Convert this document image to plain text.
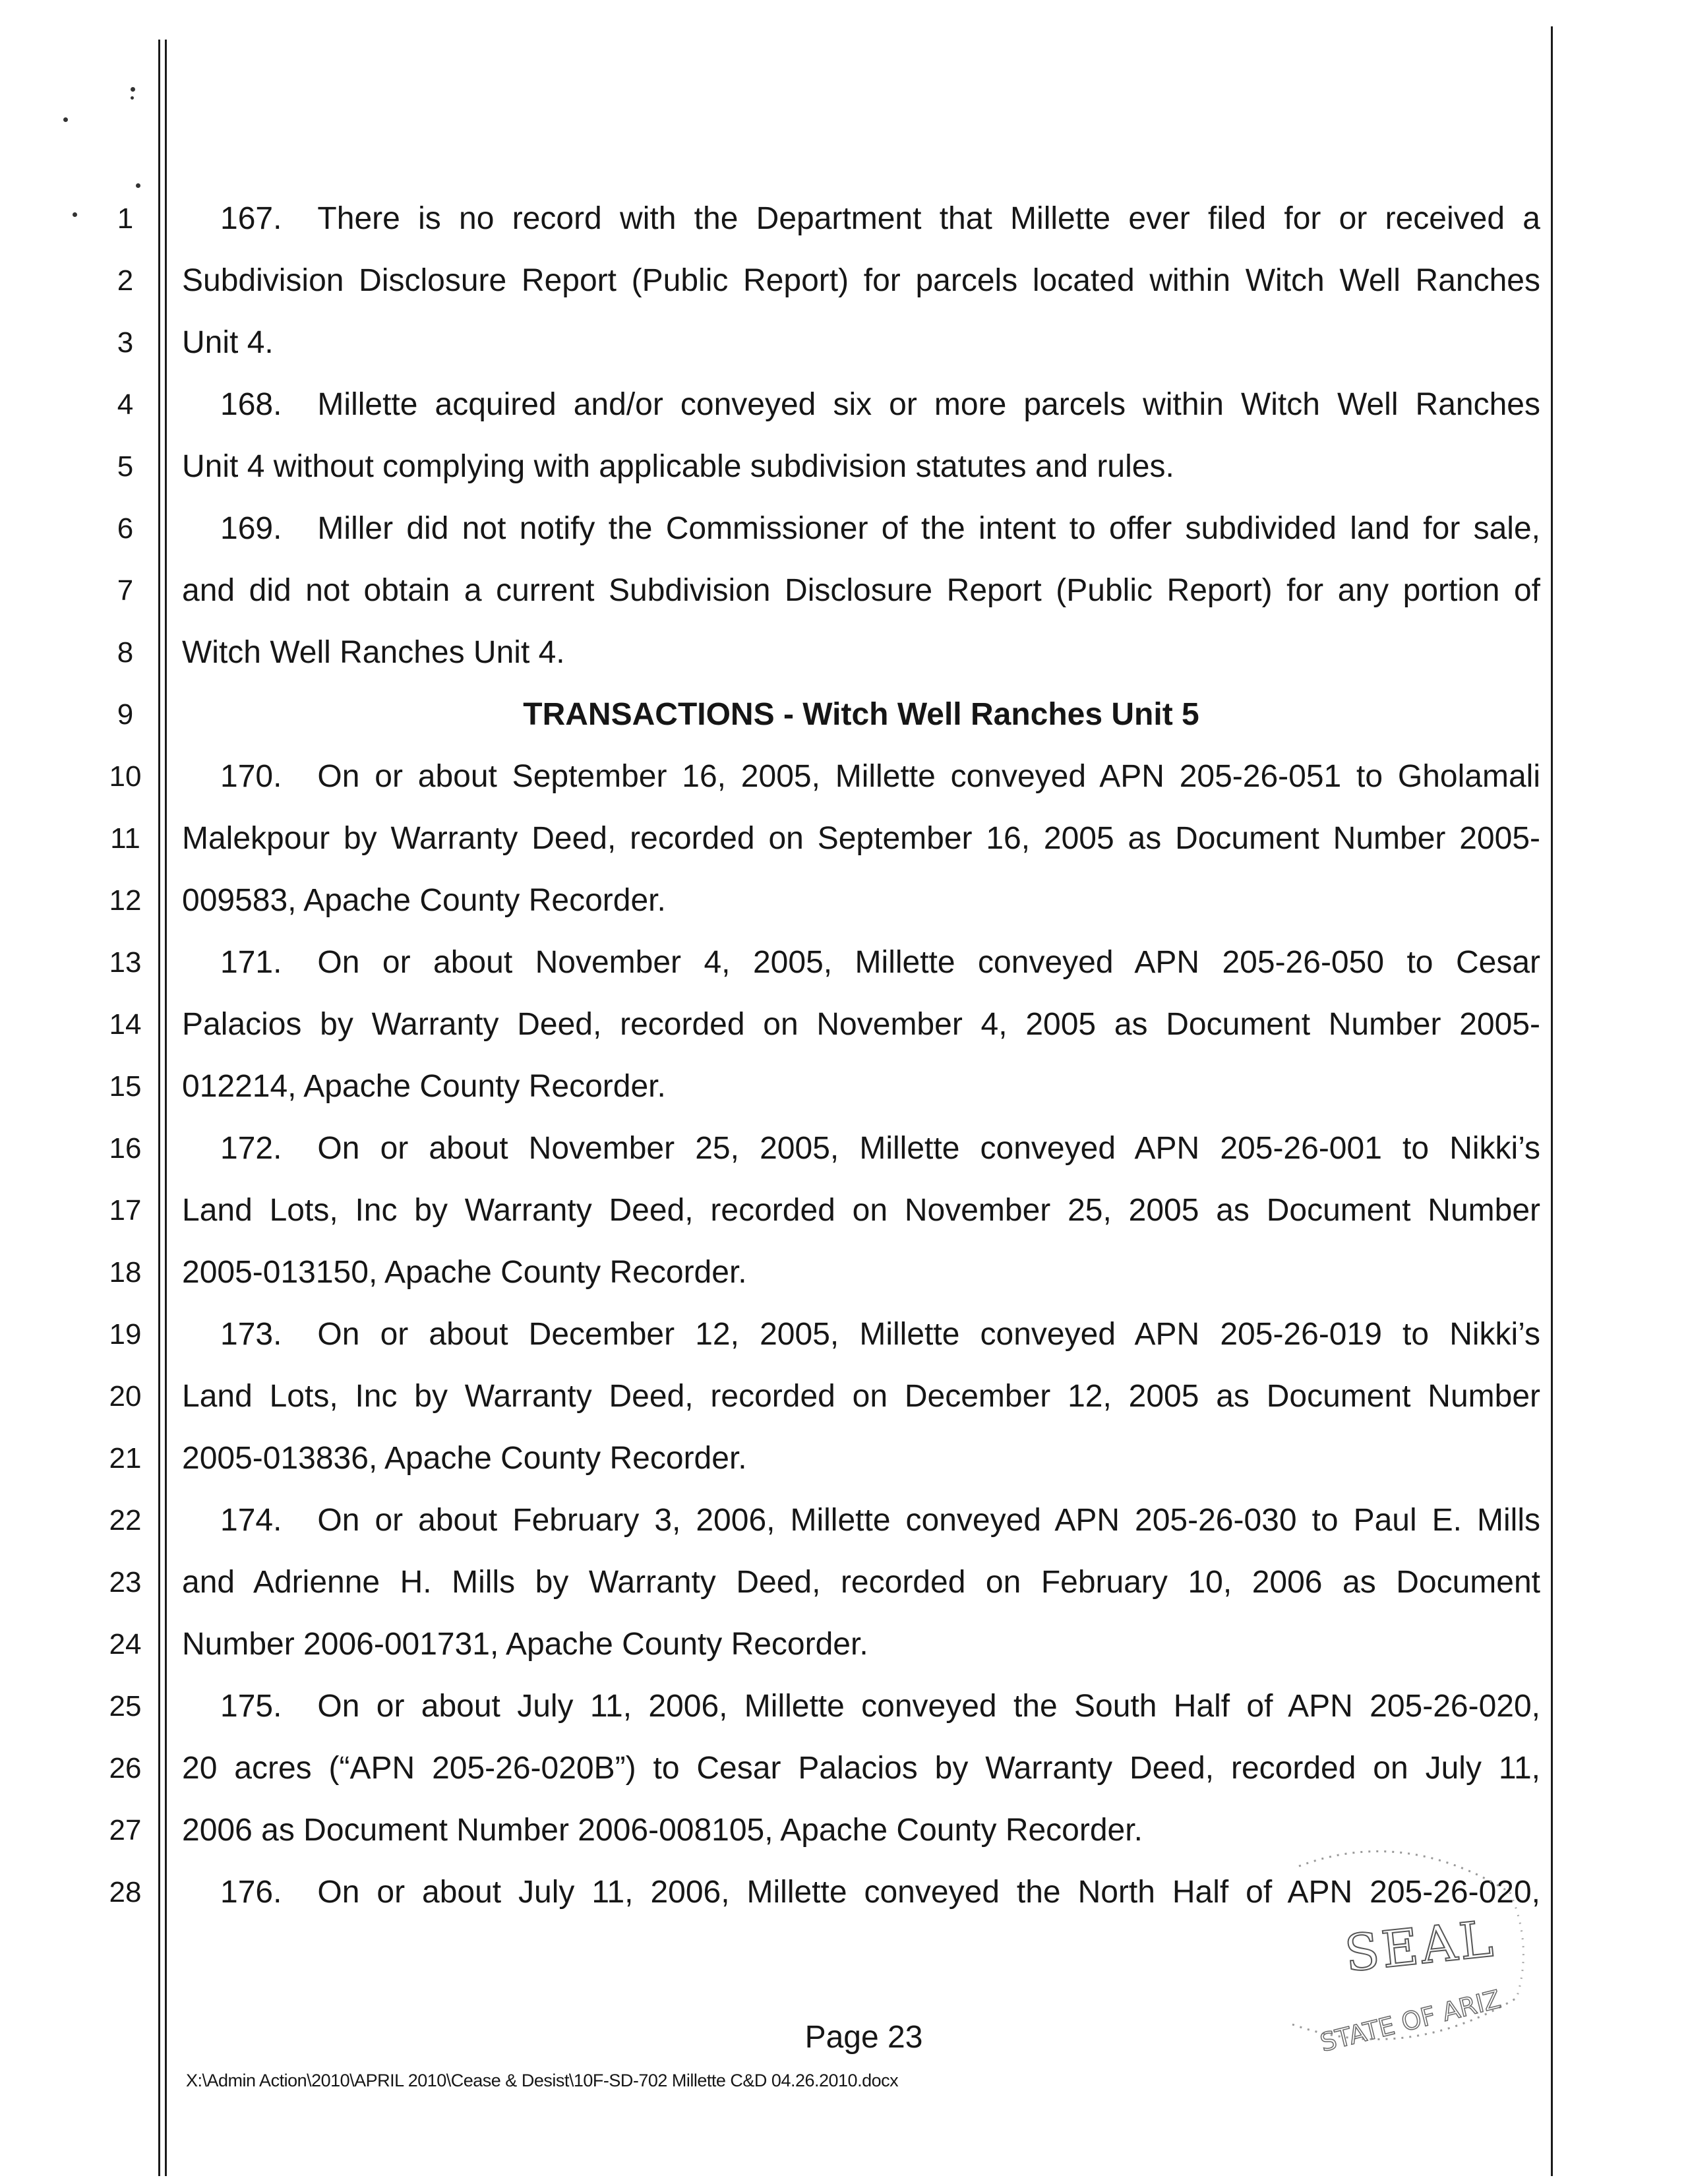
1
2
3
4
5
6
7
8
9
10
11
12
13
14
15
16
17
18
19
20
21
22
23
24
25
26
27
28
167. There is no record with the Department that Millette ever filed for or received a
Subdivision Disclosure Report (Public Report) for parcels located within Witch Well Ranches
Unit 4.
168. Millette acquired and/or conveyed six or more parcels within Witch Well Ranches
Unit 4 without complying with applicable subdivision statutes and rules.
169. Miller did not notify the Commissioner of the intent to offer subdivided land for sale,
and did not obtain a current Subdivision Disclosure Report (Public Report) for any portion of
Witch Well Ranches Unit 4.
TRANSACTIONS - Witch Well Ranches Unit 5
170. On or about September 16, 2005, Millette conveyed APN 205-26-051 to Gholamali
Malekpour by Warranty Deed, recorded on September 16, 2005 as Document Number 2005-
009583, Apache County Recorder.
171. On or about November 4, 2005, Millette conveyed APN 205-26-050 to Cesar
Palacios by Warranty Deed, recorded on November 4, 2005 as Document Number 2005-
012214, Apache County Recorder.
172. On or about November 25, 2005, Millette conveyed APN 205-26-001 to Nikki’s
Land Lots, Inc by Warranty Deed, recorded on November 25, 2005 as Document Number
2005-013150, Apache County Recorder.
173. On or about December 12, 2005, Millette conveyed APN 205-26-019 to Nikki’s
Land Lots, Inc by Warranty Deed, recorded on December 12, 2005 as Document Number
2005-013836, Apache County Recorder.
174. On or about February 3, 2006, Millette conveyed APN 205-26-030 to Paul E. Mills
and Adrienne H. Mills by Warranty Deed, recorded on February 10, 2006 as Document
Number 2006-001731, Apache County Recorder.
175. On or about July 11, 2006, Millette conveyed the South Half of APN 205-26-020,
20 acres (“APN 205-26-020B”) to Cesar Palacios by Warranty Deed, recorded on July 11,
2006 as Document Number 2006-008105, Apache County Recorder.
176. On or about July 11, 2006, Millette conveyed the North Half of APN 205-26-020,
Page 23
X:\Admin Action\2010\APRIL 2010\Cease & Desist\10F-SD-702 Millette C&D 04.26.2010.docx
SEAL
STATE OF ARIZ
